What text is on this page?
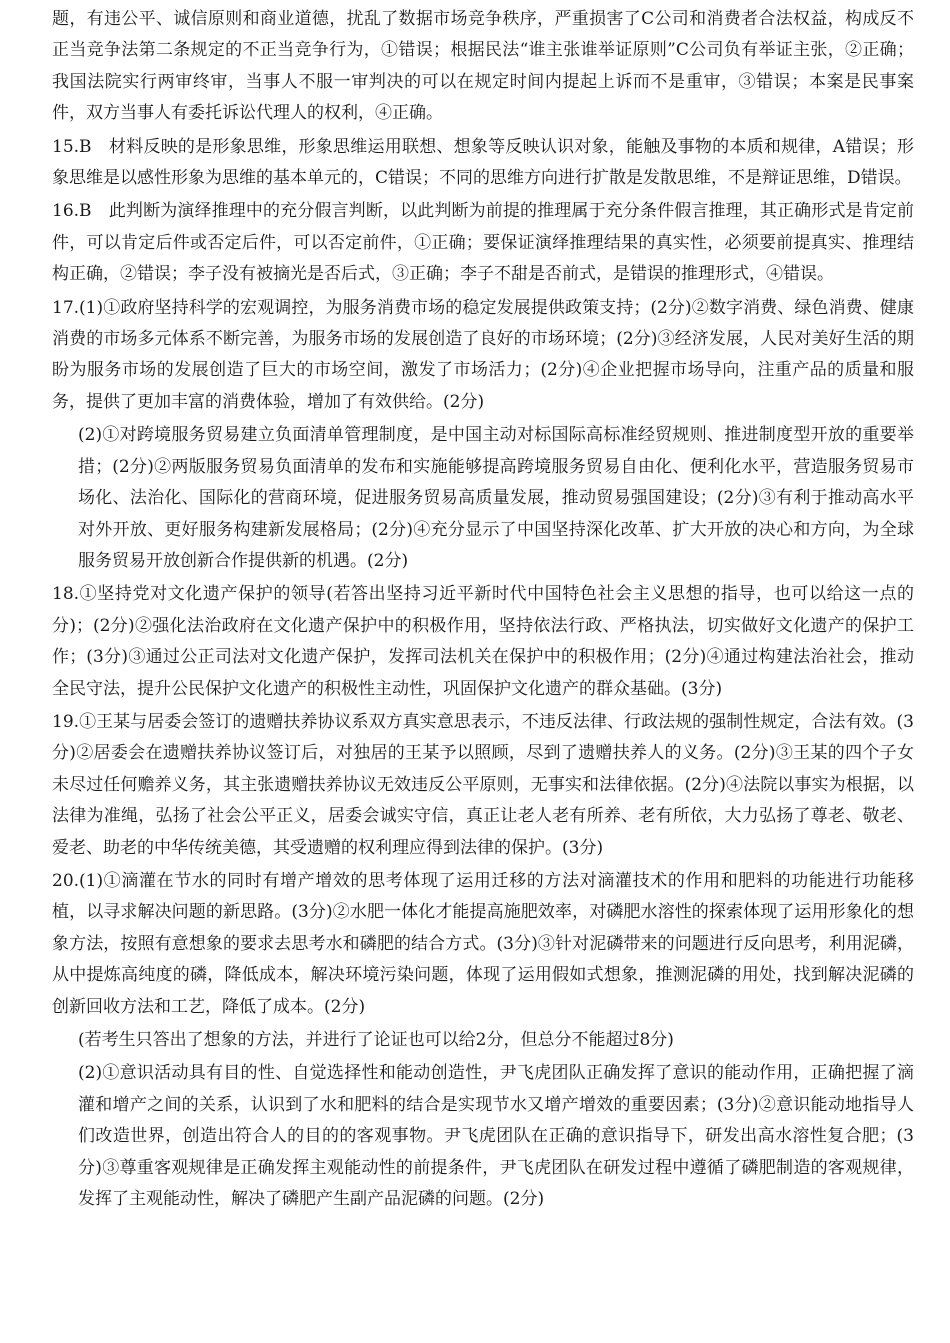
题，有违公平、诚信原则和商业道德，扰乱了数据市场竞争秩序，严重损害了C公司和消费者合法权益，构成反不正当竞争法第二条规定的不正当竞争行为，①错误；根据民法“谁主张谁举证原则”C公司负有举证主张，②正确；我国法院实行两审终审，当事人不服一审判决的可以在规定时间内提起上诉而不是重审，③错误；本案是民事案件，双方当事人有委托诉讼代理人的权利，④正确。

15.B　材料反映的是形象思维，形象思维运用联想、想象等反映认识对象，能触及事物的本质和规律，A错误；形象思维是以感性形象为思维的基本单元的，C错误；不同的思维方向进行扩散是发散思维，不是辩证思维，D错误。

16.B　此判断为演绎推理中的充分假言判断，以此判断为前提的推理属于充分条件假言推理，其正确形式是肯定前件，可以肯定后件或否定后件，可以否定前件，①正确；要保证演绎推理结果的真实性，必须要前提真实、推理结构正确，②错误；李子没有被摘光是否后式，③正确；李子不甜是否前式，是错误的推理形式，④错误。

17.(1)①政府坚持科学的宏观调控，为服务消费市场的稳定发展提供政策支持；(2分)②数字消费、绿色消费、健康消费的市场多元体系不断完善，为服务市场的发展创造了良好的市场环境；(2分)③经济发展，人民对美好生活的期盼为服务市场的发展创造了巨大的市场空间，激发了市场活力；(2分)④企业把握市场导向，注重产品的质量和服务，提供了更加丰富的消费体验，增加了有效供给。(2分)

(2)①对跨境服务贸易建立负面清单管理制度，是中国主动对标国际高标准经贸规则、推进制度型开放的重要举措；(2分)②两版服务贸易负面清单的发布和实施能够提高跨境服务贸易自由化、便利化水平，营造服务贸易市场化、法治化、国际化的营商环境，促进服务贸易高质量发展，推动贸易强国建设；(2分)③有利于推动高水平对外开放、更好服务构建新发展格局；(2分)④充分显示了中国坚持深化改革、扩大开放的决心和方向，为全球服务贸易开放创新合作提供新的机遇。(2分)

18.①坚持党对文化遗产保护的领导(若答出坚持习近平新时代中国特色社会主义思想的指导，也可以给这一点的分)；(2分)②强化法治政府在文化遗产保护中的积极作用，坚持依法行政、严格执法，切实做好文化遗产的保护工作；(3分)③通过公正司法对文化遗产保护，发挥司法机关在保护中的积极作用；(2分)④通过构建法治社会，推动全民守法，提升公民保护文化遗产的积极性主动性，巩固保护文化遗产的群众基础。(3分)

19.①王某与居委会签订的遗赠扶养协议系双方真实意思表示，不违反法律、行政法规的强制性规定，合法有效。(3分)②居委会在遗赠扶养协议签订后，对独居的王某予以照顾，尽到了遗赠扶养人的义务。(2分)③王某的四个子女未尽过任何赡养义务，其主张遗赠扶养协议无效违反公平原则，无事实和法律依据。(2分)④法院以事实为根据，以法律为准绳，弘扬了社会公平正义，居委会诚实守信，真正让老人老有所养、老有所依，大力弘扬了尊老、敬老、爱老、助老的中华传统美德，其受遗赠的权利理应得到法律的保护。(3分)

20.(1)①滴灌在节水的同时有增产增效的思考体现了运用迁移的方法对滴灌技术的作用和肥料的功能进行功能移植，以寻求解决问题的新思路。(3分)②水肥一体化才能提高施肥效率，对磷肥水溶性的探索体现了运用形象化的想象方法，按照有意想象的要求去思考水和磷肥的结合方式。(3分)③针对泥磷带来的问题进行反向思考，利用泥磷，从中提炼高纯度的磷，降低成本，解决环境污染问题，体现了运用假如式想象，推测泥磷的用处，找到解决泥磷的创新回收方法和工艺，降低了成本。(2分)

(若考生只答出了想象的方法，并进行了论证也可以给2分，但总分不能超过8分)

(2)①意识活动具有目的性、自觉选择性和能动创造性，尹飞虎团队正确发挥了意识的能动作用，正确把握了滴灌和增产之间的关系，认识到了水和肥料的结合是实现节水又增产增效的重要因素；(3分)②意识能动地指导人们改造世界，创造出符合人的目的的客观事物。尹飞虎团队在正确的意识指导下，研发出高水溶性复合肥；(3分)③尊重客观规律是正确发挥主观能动性的前提条件，尹飞虎团队在研发过程中遵循了磷肥制造的客观规律，发挥了主观能动性，解决了磷肥产生副产品泥磷的问题。(2分)
